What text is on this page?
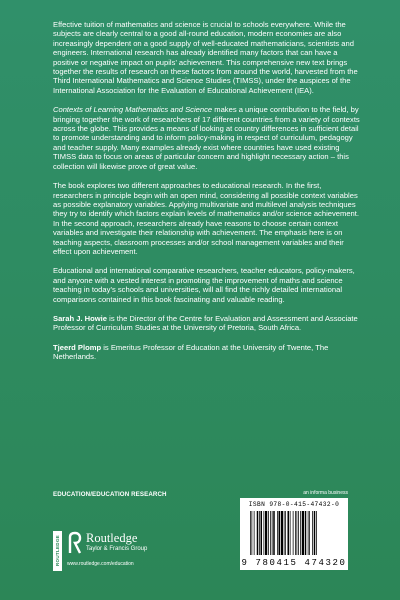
Effective tuition of mathematics and science is crucial to schools everywhere. While the subjects are clearly central to a good all-round education, modern economies are also increasingly dependent on a good supply of well-educated mathematicians, scientists and engineers. International research has already identified many factors that can have a positive or negative impact on pupils’ achievement. This comprehensive new text brings together the results of research on these factors from around the world, harvested from the Third International Mathematics and Science Studies (TIMSS), under the auspices of the International Association for the Evaluation of Educational Achievement (IEA).

Contexts of Learning Mathematics and Science makes a unique contribution to the field, by bringing together the work of researchers of 17 different countries from a variety of contexts across the globe. This provides a means of looking at country differences in sufficient detail to promote understanding and to inform policy-making in respect of curriculum, pedagogy and teacher supply. Many examples already exist where countries have used existing TIMSS data to focus on areas of particular concern and highlight necessary action – this collection will likewise prove of great value.

The book explores two different approaches to educational research. In the first, researchers in principle begin with an open mind, considering all possible context variables as possible explanatory variables. Applying multivariate and multilevel analysis techniques they try to identify which factors explain levels of mathematics and/or science achievement. In the second approach, researchers already have reasons to choose certain context variables and investigate their relationship with achievement. The emphasis here is on teaching aspects, classroom processes and/or school management variables and their effect upon achievement.

Educational and international comparative researchers, teacher educators, policy-makers, and anyone with a vested interest in promoting the improvement of maths and science teaching in today’s schools and universities, will all find the richly detailed international comparisons contained in this book fascinating and valuable reading.

Sarah J. Howie is the Director of the Centre for Evaluation and Assessment and Associate Professor of Curriculum Studies at the University of Pretoria, South Africa.

Tjeerd Plomp is Emeritus Professor of Education at the University of Twente, The Netherlands.

EDUCATION/EDUCATION RESEARCH
ROUTLEDGE Routledge
Taylor & Francis Group
www.routledge.com/education
an informa business
ISBN 978-0-415-47432-0
9 780415 474320
